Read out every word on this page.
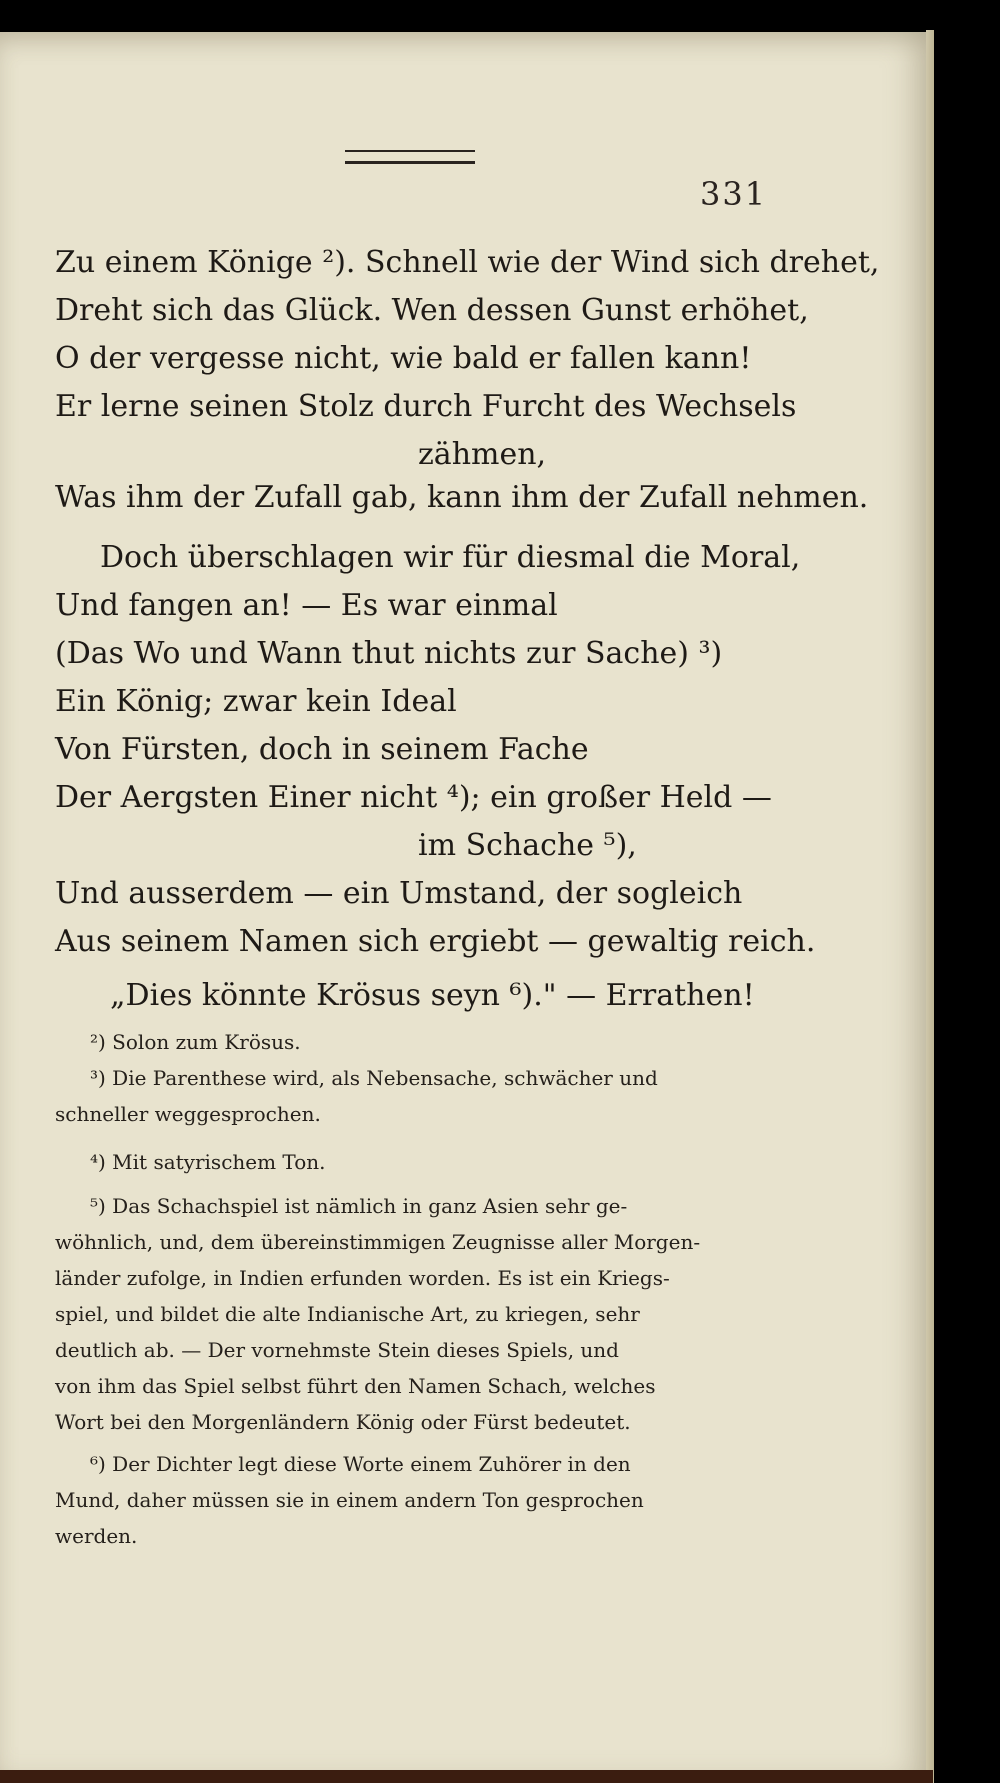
331
Zu einem Könige ²). Schnell wie der Wind sich drehet,
Dreht sich das Glück. Wen dessen Gunst erhöhet,
O der vergesse nicht, wie bald er fallen kann!
Er lerne seinen Stolz durch Furcht des Wechsels
zähmen,
Was ihm der Zufall gab, kann ihm der Zufall nehmen.
Doch überschlagen wir für diesmal die Moral,
Und fangen an! — Es war einmal
(Das Wo und Wann thut nichts zur Sache) ³)
Ein König; zwar kein Ideal
Von Fürsten, doch in seinem Fache
Der Aergsten Einer nicht ⁴); ein großer Held —
im Schache ⁵),
Und ausserdem — ein Umstand, der sogleich
Aus seinem Namen sich ergiebt — gewaltig reich.
„Dies könnte Krösus seyn ⁶)." — Errathen!
²) Solon zum Krösus.
³) Die Parenthese wird, als Nebensache, schwächer und
schneller weggesprochen.
⁴) Mit satyrischem Ton.
⁵) Das Schachspiel ist nämlich in ganz Asien sehr ge-
wöhnlich, und, dem übereinstimmigen Zeugnisse aller Morgen-
länder zufolge, in Indien erfunden worden. Es ist ein Kriegs-
spiel, und bildet die alte Indianische Art, zu kriegen, sehr
deutlich ab. — Der vornehmste Stein dieses Spiels, und
von ihm das Spiel selbst führt den Namen Schach, welches
Wort bei den Morgenländern König oder Fürst bedeutet.
⁶) Der Dichter legt diese Worte einem Zuhörer in den
Mund, daher müssen sie in einem andern Ton gesprochen
werden.
